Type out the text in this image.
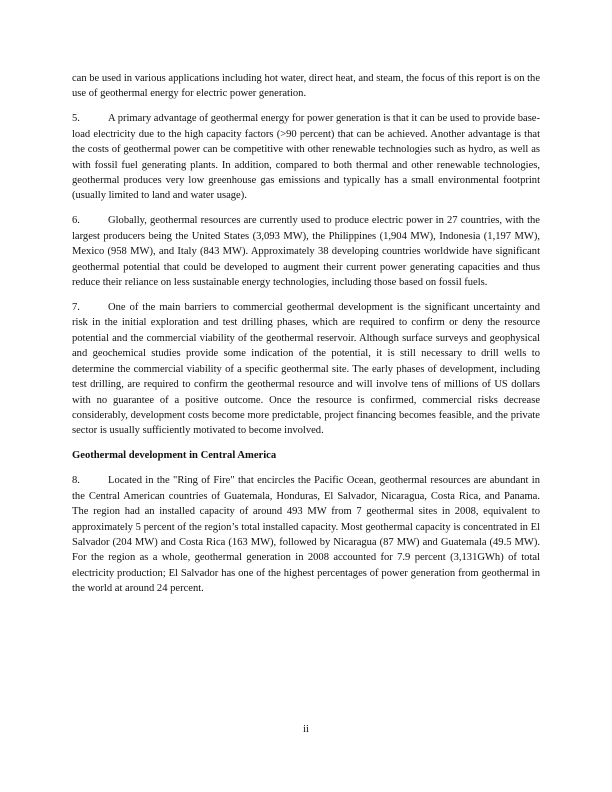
can be used in various applications including hot water, direct heat, and steam, the focus of this report is on the use of geothermal energy for electric power generation.

5.	A primary advantage of geothermal energy for power generation is that it can be used to provide base-load electricity due to the high capacity factors (>90 percent) that can be achieved. Another advantage is that the costs of geothermal power can be competitive with other renewable technologies such as hydro, as well as with fossil fuel generating plants. In addition, compared to both thermal and other renewable technologies, geothermal produces very low greenhouse gas emissions and typically has a small environmental footprint (usually limited to land and water usage).

6.	Globally, geothermal resources are currently used to produce electric power in 27 countries, with the largest producers being the United States (3,093 MW), the Philippines (1,904 MW), Indonesia (1,197 MW), Mexico (958 MW), and Italy (843 MW). Approximately 38 developing countries worldwide have significant geothermal potential that could be developed to augment their current power generating capacities and thus reduce their reliance on less sustainable energy technologies, including those based on fossil fuels.

7.	One of the main barriers to commercial geothermal development is the significant uncertainty and risk in the initial exploration and test drilling phases, which are required to confirm or deny the resource potential and the commercial viability of the geothermal reservoir. Although surface surveys and geophysical and geochemical studies provide some indication of the potential, it is still necessary to drill wells to determine the commercial viability of a specific geothermal site. The early phases of development, including test drilling, are required to confirm the geothermal resource and will involve tens of millions of US dollars with no guarantee of a positive outcome. Once the resource is confirmed, commercial risks decrease considerably, development costs become more predictable, project financing becomes feasible, and the private sector is usually sufficiently motivated to become involved.

Geothermal development in Central America

8.	Located in the "Ring of Fire" that encircles the Pacific Ocean, geothermal resources are abundant in the Central American countries of Guatemala, Honduras, El Salvador, Nicaragua, Costa Rica, and Panama. The region had an installed capacity of around 493 MW from 7 geothermal sites in 2008, equivalent to approximately 5 percent of the region’s total installed capacity. Most geothermal capacity is concentrated in El Salvador (204 MW) and Costa Rica (163 MW), followed by Nicaragua (87 MW) and Guatemala (49.5 MW). For the region as a whole, geothermal generation in 2008 accounted for 7.9 percent (3,131GWh) of total electricity production; El Salvador has one of the highest percentages of power generation from geothermal in the world at around 24 percent.

ii
